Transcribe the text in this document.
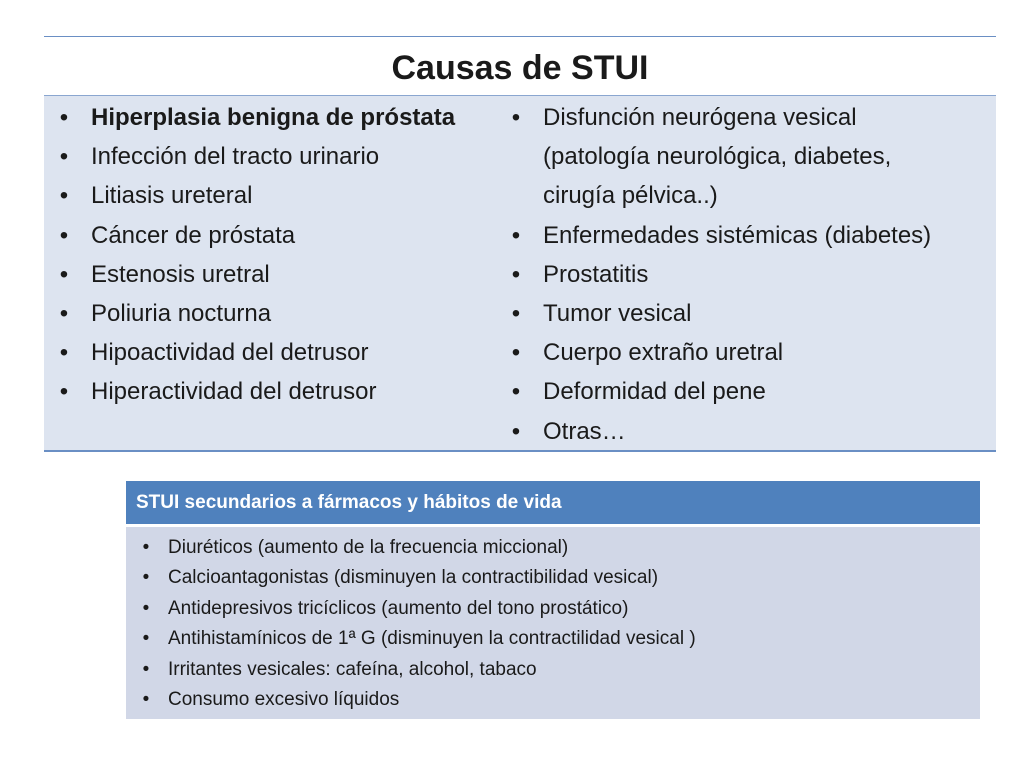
Causas de STUI
• Hiperplasia benigna de próstata
• Infección del tracto urinario
• Litiasis ureteral
• Cáncer de próstata
• Estenosis uretral
• Poliuria nocturna
• Hipoactividad del detrusor
• Hiperactividad del detrusor
• Disfunción neurógena vesical
(patología neurológica, diabetes,
cirugía pélvica..)
• Enfermedades sistémicas (diabetes)
• Prostatitis
• Tumor vesical
• Cuerpo extraño uretral
• Deformidad del pene
• Otras…
STUI secundarios a fármacos y hábitos de vida
• Diuréticos (aumento de la frecuencia miccional)
• Calcioantagonistas (disminuyen la contractibilidad vesical)
• Antidepresivos tricíclicos (aumento del tono prostático)
• Antihistamínicos de 1ª G (disminuyen la contractilidad vesical )
• Irritantes vesicales: cafeína, alcohol, tabaco
• Consumo excesivo líquidos
